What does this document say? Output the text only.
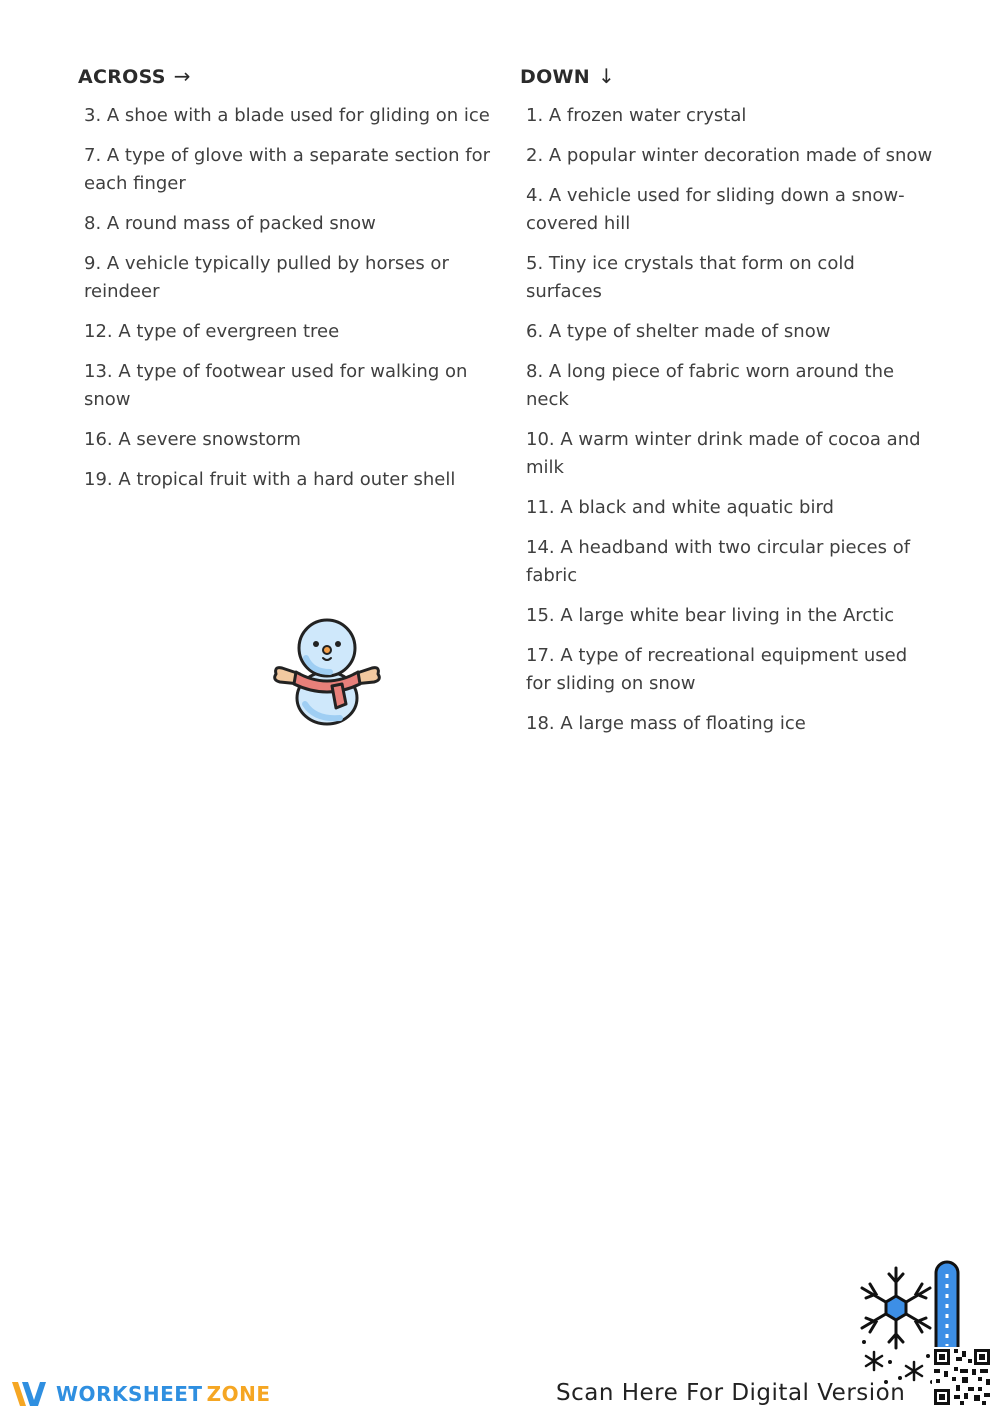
ACROSS →
3. A shoe with a blade used for gliding on ice
7. A type of glove with a separate section for each finger
8. A round mass of packed snow
9. A vehicle typically pulled by horses or reindeer
12. A type of evergreen tree
13. A type of footwear used for walking on snow
16. A severe snowstorm
19. A tropical fruit with a hard outer shell
DOWN ↓
1. A frozen water crystal
2. A popular winter decoration made of snow
4. A vehicle used for sliding down a snow-covered hill
5. Tiny ice crystals that form on cold surfaces
6. A type of shelter made of snow
8. A long piece of fabric worn around the neck
10. A warm winter drink made of cocoa and milk
11. A black and white aquatic bird
14. A headband with two circular pieces of fabric
15. A large white bear living in the Arctic
17. A type of recreational equipment used for sliding on snow
18. A large mass of floating ice
WORKSHEET ZONE	Scan Here For Digital Version
